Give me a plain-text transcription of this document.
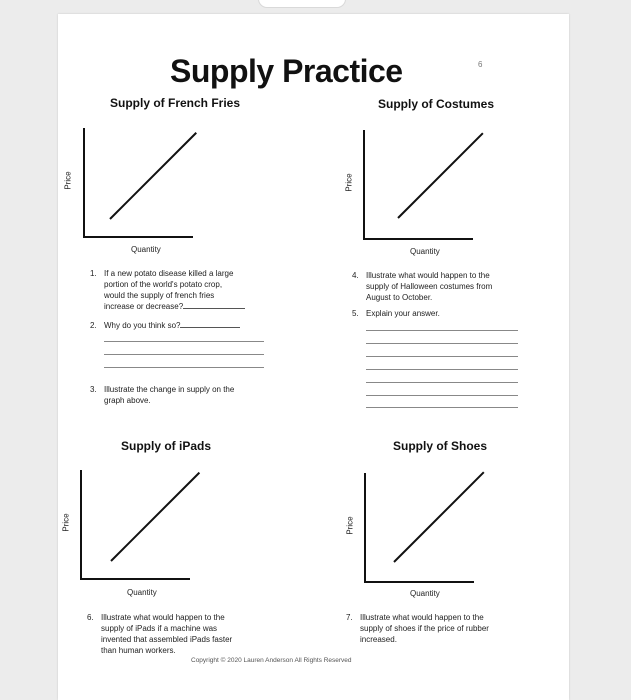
Supply Practice	6
Supply of French Fries
Price
Quantity
Supply of Costumes
Price
Quantity
1. If a new potato disease killed a large
portion of the world's potato crop,
would the supply of french fries
increase or decrease?
2. Why do you think so?
3. Illustrate the change in supply on the
graph above.
4. Illustrate what would happen to the
supply of Halloween costumes from
August to October.
5. Explain your answer.
Supply of iPads
Price
Quantity
Supply of Shoes
Price
Quantity
6. Illustrate what would happen to the
supply of iPads if a machine was
invented that assembled iPads faster
than human workers.
7. Illustrate what would happen to the
supply of shoes if the price of rubber
increased.
Copyright © 2020 Lauren Anderson All Rights Reserved
